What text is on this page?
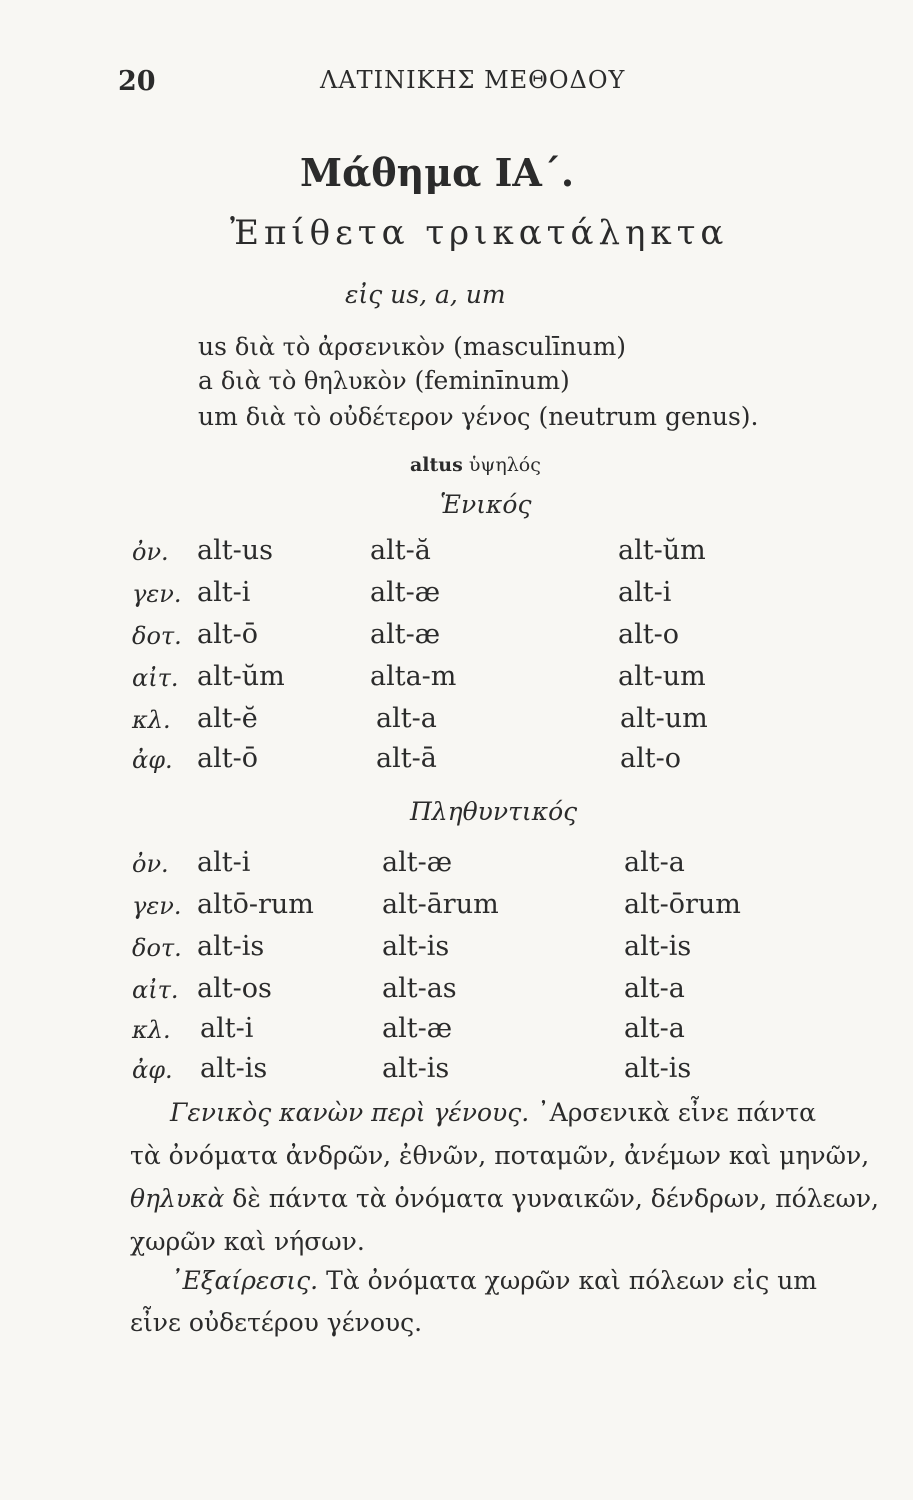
20	ΛΑΤΙΝΙΚΗΣ ΜΕΘΟΔΟΥ
Μάθημα ΙΑ΄.
Ἐπίθετα τρικατάληκτα
εἰς us, a, um
us διὰ τὸ ἀρσενικὸν (masculīnum)
a διὰ τὸ θηλυκὸν (feminīnum)
um διὰ τὸ οὐδέτερον γένος (neutrum genus).
altus ὑψηλός
Ἑνικός
ὀν. alt-us	alt-ă	alt-ŭm
γεν. alt-i	alt-æ	alt-i
δοτ. alt-ō	alt-æ	alt-o
αἰτ. alt-ŭm	alta-m	alt-um
κλ. alt-ĕ	alt-a	alt-um
ἀφ. alt-ō	alt-ā	alt-o
Πληθυντικός
ὀν. alt-i	alt-æ	alt-a
γεν. altō-rum	alt-ārum	alt-ōrum
δοτ. alt-is	alt-is	alt-is
αἰτ. alt-os	alt-as	alt-a
κλ. alt-i	alt-æ	alt-a
ἀφ. alt-is	alt-is	alt-is
Γενικὸς κανὼν περὶ γένους. ᾽Αρσενικὰ εἶνε πάντα
τὰ ὀνόματα ἀνδρῶν, ἐθνῶν, ποταμῶν, ἀνέμων καὶ μηνῶν,
θηλυκὰ δὲ πάντα τὰ ὀνόματα γυναικῶν, δένδρων, πόλεων,
χωρῶν καὶ νήσων.
᾽Εξαίρεσις. Τὰ ὀνόματα χωρῶν καὶ πόλεων εἰς um
εἶνε οὐδετέρου γένους.
